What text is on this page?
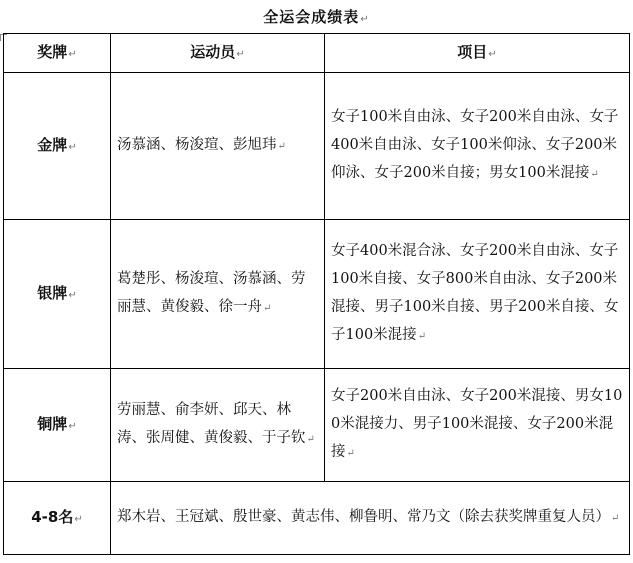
全运会成绩表↵
奖牌↵	运动员↵	项目↵
金牌↵	汤慕涵、杨浚瑄、彭旭玮↵	女子100米自由泳、女子200米自由泳、女子400米自由泳、女子100米仰泳、女子200米仰泳、女子200米自接；男女100米混接↵
银牌↵	葛楚彤、杨浚瑄、汤慕涵、劳丽慧、黄俊毅、徐一舟↵	女子400米混合泳、女子200米自由泳、女子100米自接、女子800米自由泳、女子200米混接、男子100米自接、男子200米自接、女子100米混接↵
铜牌↵	劳丽慧、俞李妍、邱天、林涛、张周健、黄俊毅、于子钦↵	女子200米自由泳、女子200米混接、男女100米混接力、男子100米混接、女子200米混接↵
4-8名↵	郑木岩、王冠斌、殷世豪、黄志伟、柳鲁明、常乃文（除去获奖牌重复人员）↵	
